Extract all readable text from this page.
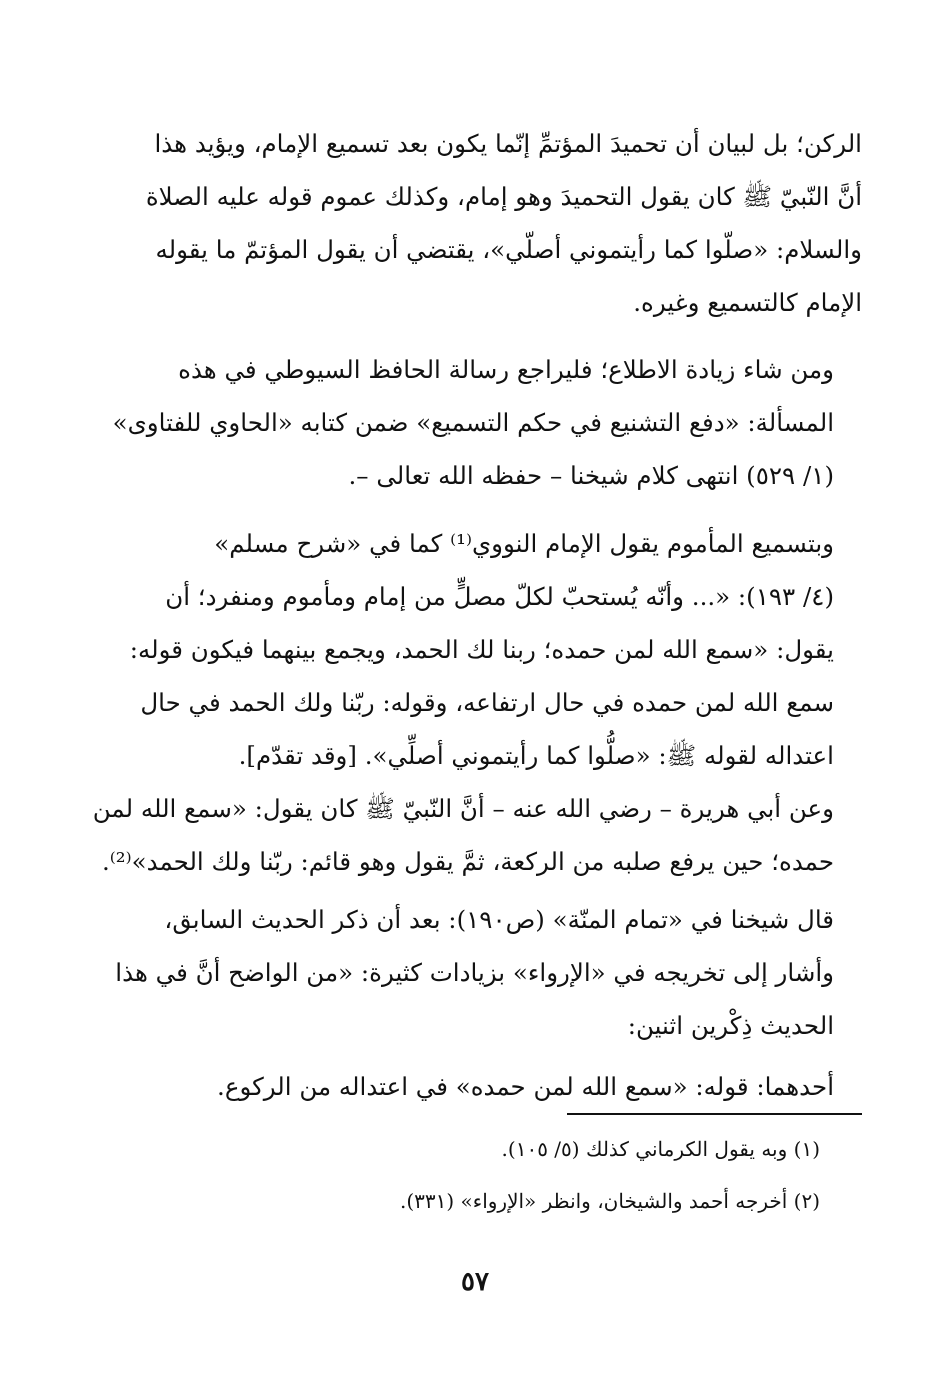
الركن؛ بل لبيان أن تحميدَ المؤتمِّ إنّما يكون بعد تسميع الإمام، ويؤيد هذا
أنَّ النّبيّ ﷺ كان يقول التحميدَ وهو إمام، وكذلك عموم قوله عليه الصلاة
والسلام: «صلّوا كما رأيتموني أصلّي»، يقتضي أن يقول المؤتمّ ما يقوله
الإمام كالتسميع وغيره.

ومن شاء زيادة الاطلاع؛ فليراجع رسالة الحافظ السيوطي في هذه
المسألة: «دفع التشنيع في حكم التسميع» ضمن كتابه «الحاوي للفتاوى»
(١/ ٥٢٩) انتهى كلام شيخنا – حفظه الله تعالى –.

وبتسميع المأموم يقول الإمام النووي⁽¹⁾ كما في «شرح مسلم»
(٤/ ١٩٣): «... وأنّه يُستحبّ لكلّ مصلٍّ من إمام ومأموم ومنفرد؛ أن
يقول: «سمع الله لمن حمده؛ ربنا لك الحمد، ويجمع بينهما فيكون قوله:
سمع الله لمن حمده في حال ارتفاعه، وقوله: ربّنا ولك الحمد في حال
اعتداله لقوله ﷺ: «صلُّوا كما رأيتموني أصلِّي». [وقد تقدّم].

وعن أبي هريرة – رضي الله عنه – أنَّ النّبيّ ﷺ كان يقول: «سمع الله لمن
حمده؛ حين يرفع صلبه من الركعة، ثمَّ يقول وهو قائم: ربّنا ولك الحمد»⁽²⁾.

قال شيخنا في «تمام المنّة» (ص١٩٠): بعد أن ذكر الحديث السابق،
وأشار إلى تخريجه في «الإرواء» بزيادات كثيرة: «من الواضح أنَّ في هذا
الحديث ذِكْرين اثنين:

أحدهما: قوله: «سمع الله لمن حمده» في اعتداله من الركوع.

(١) وبه يقول الكرماني كذلك (٥/ ١٠٥).
(٢) أخرجه أحمد والشيخان، وانظر «الإرواء» (٣٣١).
٥٧
